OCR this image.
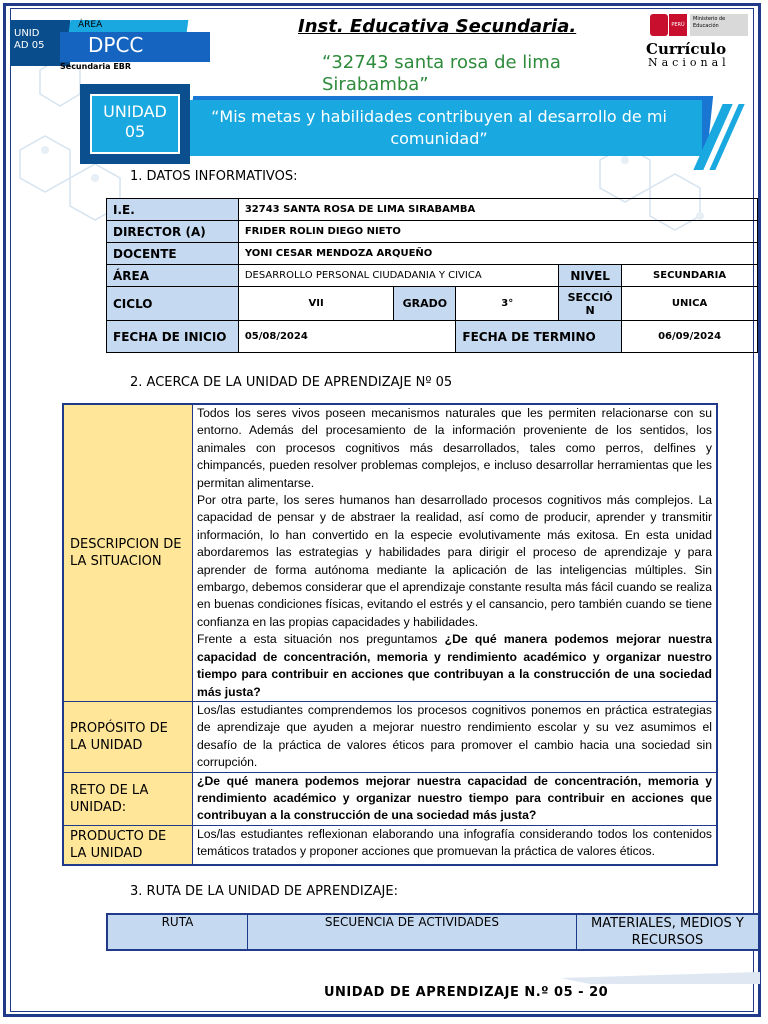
UNID
AD 05
ÁREA
DPCC
Secundaria EBR
Inst. Educativa Secundaria.
“32743 santa rosa de lima Sirabamba”
PERÚ
Ministerio de Educación
Currículo
Nacional
UNIDAD
05
“Mis metas y habilidades contribuyen al desarrollo de mi comunidad”
1. DATOS INFORMATIVOS:
I.E.	32743 SANTA ROSA DE LIMA SIRABAMBA				
DIRECTOR (A)	FRIDER ROLIN DIEGO NIETO				
DOCENTE	YONI CESAR MENDOZA ARQUEÑO				
ÁREA	DESARROLLO PERSONAL CIUDADANIA Y CIVICA			NIVEL	SECUNDARIA
CICLO	VII	GRADO	3°	SECCIÓ N	UNICA
FECHA DE INICIO	05/08/2024		FECHA DE TERMINO		06/09/2024
2. ACERCA DE LA UNIDAD DE APRENDIZAJE Nº 05
DESCRIPCION DE LA SITUACION	Todos los seres vivos poseen mecanismos naturales que les permiten relacionarse con su entorno. Además del procesamiento de la información proveniente de los sentidos, los animales con procesos cognitivos más desarrollados, tales como perros, delfines y chimpancés, pueden resolver problemas complejos, e incluso desarrollar herramientas que les permitan alimentarse.
Por otra parte, los seres humanos han desarrollado procesos cognitivos más complejos. La capacidad de pensar y de abstraer la realidad, así como de producir, aprender y transmitir información, lo han convertido en la especie evolutivamente más exitosa. En esta unidad abordaremos las estrategias y habilidades para dirigir el proceso de aprendizaje y para aprender de forma autónoma mediante la aplicación de las inteligencias múltiples. Sin embargo, debemos considerar que el aprendizaje constante resulta más fácil cuando se realiza en buenas condiciones físicas, evitando el estrés y el cansancio, pero también cuando se tiene confianza en las propias capacidades y habilidades.
Frente a esta situación nos preguntamos ¿De qué manera podemos mejorar nuestra capacidad de concentración, memoria y rendimiento académico y organizar nuestro tiempo para contribuir en acciones que contribuyan a la construcción de una sociedad más justa?

PROPÓSITO DE LA UNIDAD	Los/las estudiantes comprendemos los procesos cognitivos ponemos en práctica estrategias de aprendizaje que ayuden a mejorar nuestro rendimiento escolar y su vez asumimos el desafío de la práctica de valores éticos para promover el cambio hacia una sociedad sin corrupción.
RETO DE LA UNIDAD:	¿De qué manera podemos mejorar nuestra capacidad de concentración, memoria y rendimiento académico y organizar nuestro tiempo para contribuir en acciones que contribuyan a la construcción de una sociedad más justa?
PRODUCTO DE LA UNIDAD	Los/las estudiantes reflexionan elaborando una infografía considerando todos los contenidos temáticos tratados y proponer acciones que promuevan la práctica de valores éticos.
3. RUTA DE LA UNIDAD DE APRENDIZAJE:
RUTA	SECUENCIA DE ACTIVIDADES	MATERIALES, MEDIOS Y RECURSOS
UNIDAD DE APRENDIZAJE N.º 05 - 20
